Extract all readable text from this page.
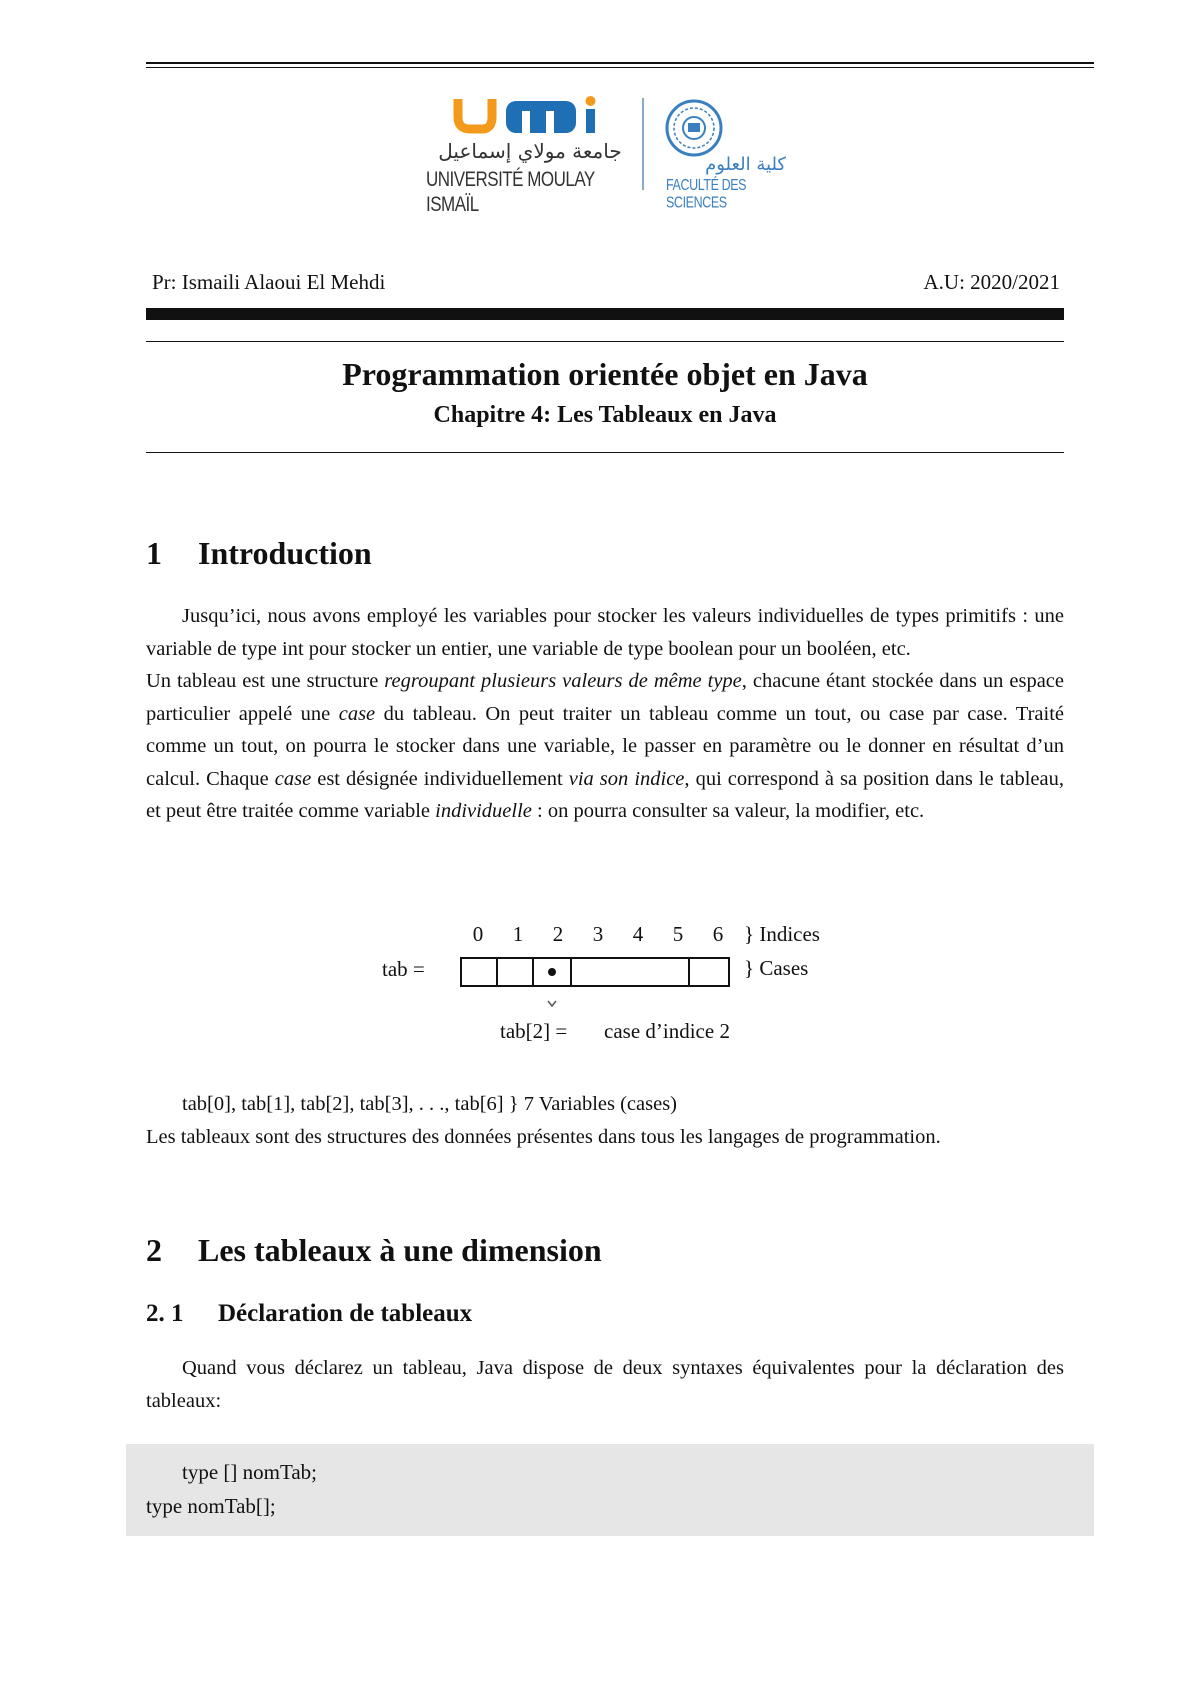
جامعة مولاي إسماعيل
UNIVERSITÉ MOULAY ISMAÏL
كلية العلوم
FACULTÉ DES SCIENCES
Pr: Ismaili Alaoui El Mehdi	A.U: 2020/2021
Programmation orientée objet en Java
Chapitre 4: Les Tableaux en Java
1 Introduction

Jusqu’ici, nous avons employé les variables pour stocker les valeurs individuelles de types primitifs : une variable de type int pour stocker un entier, une variable de type boolean pour un booléen, etc.

Un tableau est une structure regroupant plusieurs valeurs de même type, chacune étant stockée dans un espace particulier appelé une case du tableau. On peut traiter un tableau comme un tout, ou case par case. Traité comme un tout, on pourra le stocker dans une variable, le passer en paramètre ou le donner en résultat d’un calcul. Chaque case est désignée individuellement via son indice, qui correspond à sa position dans le tableau, et peut être traitée comme variable individuelle : on pourra consulter sa valeur, la modifier, etc.

0 1 2 3 4 5 6 } Indices
tab =	} Cases
tab[2] = case d’indice 2

tab[0], tab[1], tab[2], tab[3], . . ., tab[6] } 7 Variables (cases)

Les tableaux sont des structures des données présentes dans tous les langages de programmation.

2 Les tableaux à une dimension
2. 1 Déclaration de tableaux

Quand vous déclarez un tableau, Java dispose de deux syntaxes équivalentes pour la déclaration des tableaux:

type [] nomTab;
type nomTab[];
